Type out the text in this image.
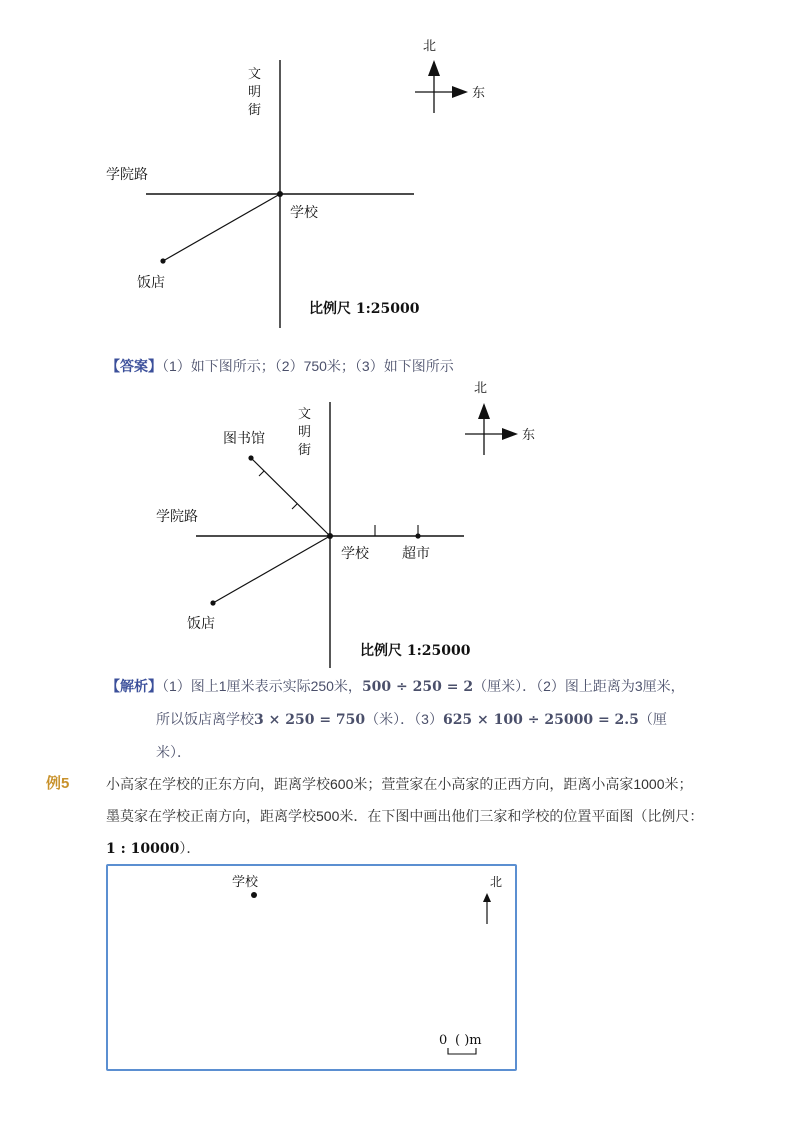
文
明
街
学院路
学校
饭店
北
东
比例尺 1:25000
【答案】（1）如下图所示；（2）750米；（3）如下图所示
文
明
街
图书馆
学院路
学校 超市
饭店
北
东
比例尺 1:25000
【解析】（1）图上1厘米表示实际250米，500 ÷ 250 = 2（厘米）．（2）图上距离为3厘米，
所以饭店离学校3 × 250 = 750（米）．（3）625 × 100 ÷ 25000 = 2.5（厘
米）．
例5	小高家在学校的正东方向，距离学校600米；萱萱家在小高家的正西方向，距离小高家1000米；
墨莫家在学校正南方向，距离学校500米．在下图中画出他们三家和学校的位置平面图（比例尺：
1 : 10000）．
学校	北
0 ( )m
